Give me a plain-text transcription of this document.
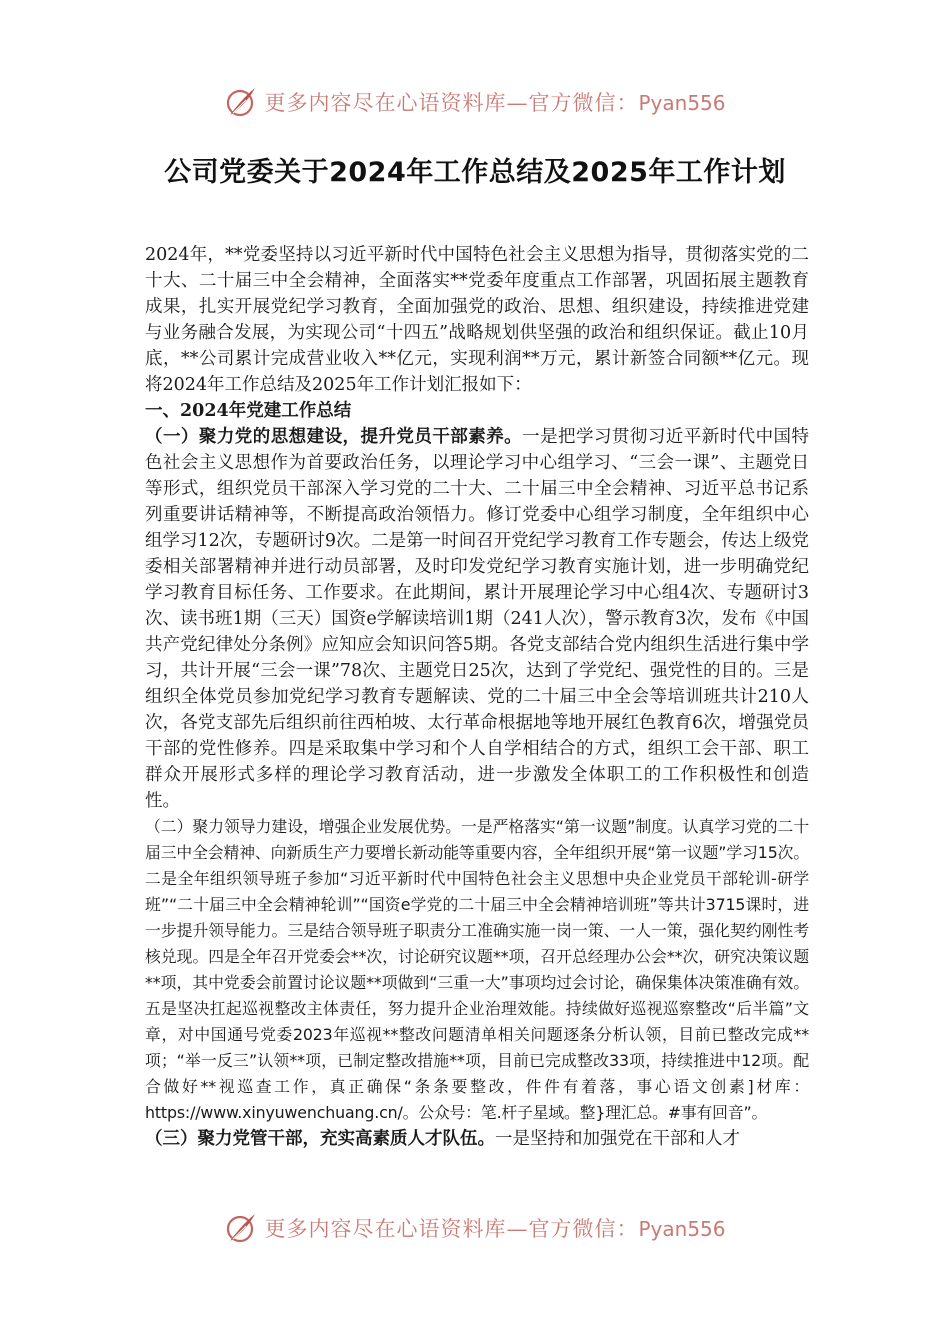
更多内容尽在心语资料库—官方微信：Pyan556
公司党委关于2024年工作总结及2025年工作计划

2024年，**党委坚持以习近平新时代中国特色社会主义思想为指导，贯彻落实党的二十大、二十届三中全会精神，全面落实**党委年度重点工作部署，巩固拓展主题教育成果，扎实开展党纪学习教育，全面加强党的政治、思想、组织建设，持续推进党建与业务融合发展，为实现公司“十四五”战略规划供坚强的政治和组织保证。截止10月底，**公司累计完成营业收入**亿元，实现利润**万元，累计新签合同额**亿元。现将2024年工作总结及2025年工作计划汇报如下：

一、2024年党建工作总结

（一）聚力党的思想建设，提升党员干部素养。一是把学习贯彻习近平新时代中国特色社会主义思想作为首要政治任务，以理论学习中心组学习、“三会一课”、主题党日等形式，组织党员干部深入学习党的二十大、二十届三中全会精神、习近平总书记系列重要讲话精神等，不断提高政治领悟力。修订党委中心组学习制度，全年组织中心组学习12次，专题研讨9次。二是第一时间召开党纪学习教育工作专题会，传达上级党委相关部署精神并进行动员部署，及时印发党纪学习教育实施计划，进一步明确党纪学习教育目标任务、工作要求。在此期间，累计开展理论学习中心组4次、专题研讨3次、读书班1期（三天）国资e学解读培训1期（241人次），警示教育3次，发布《中国共产党纪律处分条例》应知应会知识问答5期。各党支部结合党内组织生活进行集中学习，共计开展“三会一课”78次、主题党日25次，达到了学党纪、强党性的目的。三是组织全体党员参加党纪学习教育专题解读、党的二十届三中全会等培训班共计210人次，各党支部先后组织前往西柏坡、太行革命根据地等地开展红色教育6次，增强党员干部的党性修养。四是采取集中学习和个人自学相结合的方式，组织工会干部、职工群众开展形式多样的理论学习教育活动，进一步激发全体职工的工作积极性和创造性。

（二）聚力领导力建设，增强企业发展优势。一是严格落实“第一议题”制度。认真学习党的二十届三中全会精神、向新质生产力要增长新动能等重要内容，全年组织开展“第一议题”学习15次。二是全年组织领导班子参加“习近平新时代中国特色社会主义思想中央企业党员干部轮训-研学班”“二十届三中全会精神轮训”“国资e学党的二十届三中全会精神培训班”等共计3715课时，进一步提升领导能力。三是结合领导班子职责分工准确实施一岗一策、一人一策，强化契约刚性考核兑现。四是全年召开党委会**次，讨论研究议题**项，召开总经理办公会**次，研究决策议题**项，其中党委会前置讨论议题**项做到“三重一大”事项均过会讨论，确保集体决策准确有效。五是坚决扛起巡视整改主体责任，努力提升企业治理效能。持续做好巡视巡察整改“后半篇”文章，对中国通号党委2023年巡视**整改问题清单相关问题逐条分析认领，目前已整改完成**项；“举一反三”认领**项，已制定整改措施**项，目前已完成整改33项，持续推进中12项。配合做好**视巡查工作，真正确保“条条要整改，件件有着落，事心语文创素]材库：https://www.xinyuwenchuang.cn/。公众号：笔.杆子星域。整}理汇总。#事有回音”。

（三）聚力党管干部，充实高素质人才队伍。一是坚持和加强党在干部和人才

更多内容尽在心语资料库—官方微信：Pyan556
